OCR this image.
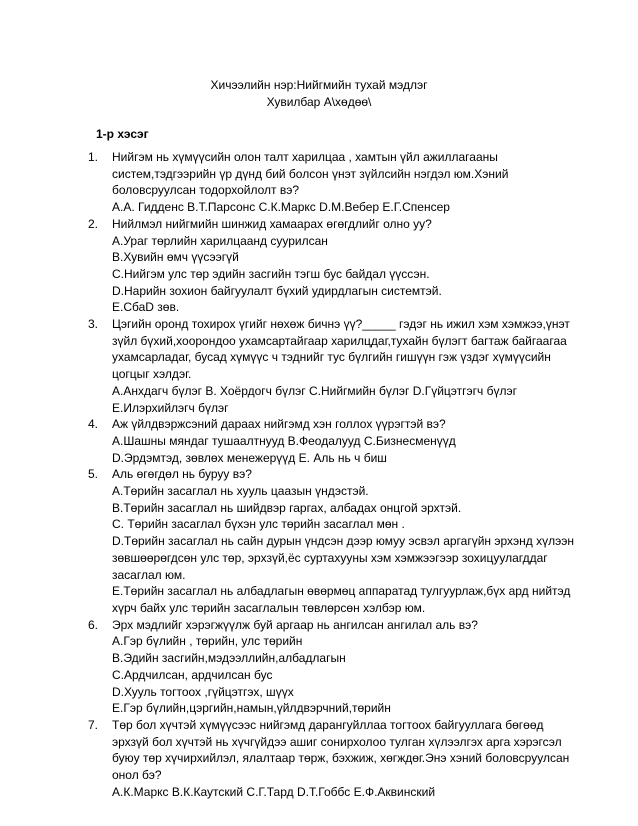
Хичээлийн нэр:Нийгмийн тухай мэдлэг
Хувилбар А\хөдөө\
1-р хэсэг
1. Нийгэм нь хүмүүсийн олон талт харилцаа , хамтын үйл ажиллагааны
систем,тэдгээрийн үр дүнд бий болсон үнэт зүйлсийн нэгдэл юм.Хэний
боловсруулсан тодорхойлолт вэ?
А.А. Гидденс В.Т.Парсонс С.К.Маркс D.М.Вебер Е.Г.Спенсер
2. Нийлмэл нийгмийн шинжид хамаарах өгөгдлийг олно уу?
А.Ураг төрлийн харилцаанд суурилсан
В.Хувийн өмч үүсээгүй
С.Нийгэм улс төр эдийн засгийн тэгш бус байдал үүссэн.
D.Нарийн зохион байгуулалт бүхий удирдлагын системтэй.
Е.СбаD зөв.
3. Цэгийн оронд тохирох үгийг нөхөж бичнэ үү?_____ гэдэг нь ижил хэм хэмжээ,үнэт
зүйл бүхий,хоорондоо ухамсартайгаар харилцдаг,тухайн бүлэгт багтаж байгаагаа
ухамсарладаг, бусад хүмүүс ч тэднийг тус бүлгийн гишүүн гэж үздэг хүмүүсийн
цогцыг хэлдэг.
А.Анхдагч бүлэг В. Хоёрдогч бүлэг С.Нийгмийн бүлэг D.Гүйцэтгэгч бүлэг
Е.Илэрхийлэгч бүлэг
4. Аж үйлдвэржсэний дараах нийгэмд хэн голлох үүрэгтэй вэ?
А.Шашны мяндаг тушаалтнууд В.Феодалууд С.Бизнесменүүд
D.Эрдэмтэд, зөвлөх менежерүүд Е. Аль нь ч биш
5. Аль өгөгдөл нь буруу вэ?
А.Төрийн засаглал нь хууль цаазын үндэстэй.
В.Төрийн засаглал нь шийдвэр гаргах, албадах онцгой эрхтэй.
С. Төрийн засаглал бүхэн улс төрийн засаглал мөн .
D.Төрийн засаглал нь сайн дурын үндсэн дээр юмуу эсвэл аргагүйн эрхэнд хүлээн
зөвшөөрөгдсөн улс төр, эрхзүй,ёс суртахууны хэм хэмжээгээр зохицуулагддаг
засаглал юм.
Е.Төрийн засаглал нь албадлагын өвөрмөц аппаратад тулгуурлаж,бүх ард нийтэд
хүрч байх улс төрийн засаглалын төвлөрсөн хэлбэр юм.
6. Эрх мэдлийг хэрэгжүүлж буй аргаар нь ангилсан ангилал аль вэ?
А.Гэр бүлийн , төрийн, улс төрийн
В.Эдийн засгийн,мэдээллийн,албадлагын
С.Ардчилсан, ардчилсан бус
D.Хууль тогтоох ,гүйцэтгэх, шүүх
Е.Гэр бүлийн,цэргийн,намын,үйлдвэрчний,төрийн
7. Төр бол хүчтэй хүмүүсээс нийгэмд дарангуйллаа тогтоох байгууллага бөгөөд
эрхзүй бол хүчтэй нь хүчгүйдээ ашиг сонирхолоо тулган хүлээлгэх арга хэрэгсэл
буюу төр хүчирхийлэл, ялалтаар төрж, бэхжиж, хөгждөг.Энэ хэний боловсруулсан
онол бэ?
А.К.Маркс В.К.Каутский С.Г.Тард D.Т.Гоббс Е.Ф.Аквинский
